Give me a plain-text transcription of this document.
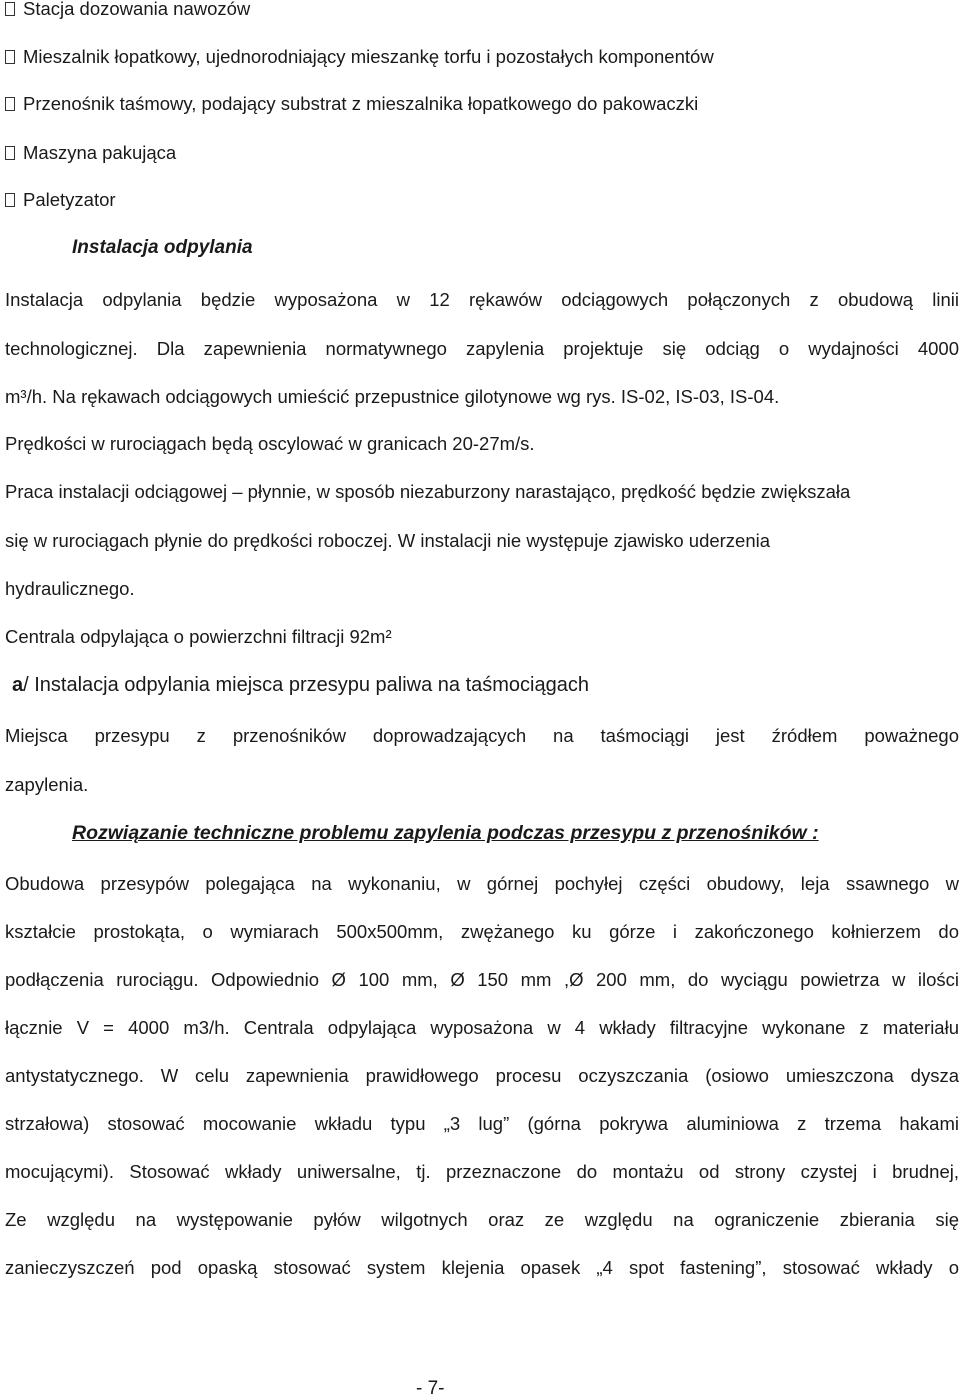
Stacja dozowania nawozów
Mieszalnik łopatkowy, ujednorodniający mieszankę torfu i pozostałych komponentów
Przenośnik taśmowy, podający substrat z mieszalnika łopatkowego do pakowaczki
Maszyna pakująca
Paletyzator
Instalacja odpylania
Instalacja odpylania będzie wyposażona w 12 rękawów odciągowych połączonych z obudową linii
technologicznej. Dla zapewnienia normatywnego zapylenia projektuje się odciąg o wydajności 4000
m³/h. Na rękawach odciągowych umieścić przepustnice gilotynowe wg rys. IS-02, IS-03, IS-04.
Prędkości w rurociągach będą oscylować w granicach 20-27m/s.
Praca instalacji odciągowej – płynnie, w sposób niezaburzony narastająco, prędkość będzie zwiększała
się w rurociągach płynie do prędkości roboczej. W instalacji nie występuje zjawisko uderzenia
hydraulicznego.
Centrala odpylająca o powierzchni filtracji 92m²
a/ Instalacja odpylania miejsca przesypu paliwa na taśmociągach
Miejsca przesypu z przenośników doprowadzających na taśmociągi jest źródłem poważnego
zapylenia.
Rozwiązanie techniczne problemu zapylenia podczas przesypu z przenośników :
Obudowa przesypów polegająca na wykonaniu, w górnej pochyłej części obudowy, leja ssawnego w
kształcie prostokąta, o wymiarach 500x500mm, zwężanego ku górze i zakończonego kołnierzem do
podłączenia rurociągu. Odpowiednio Ø 100 mm, Ø 150 mm ,Ø 200 mm, do wyciągu powietrza w ilości
łącznie V = 4000 m3/h. Centrala odpylająca wyposażona w 4 wkłady filtracyjne wykonane z materiału
antystatycznego. W celu zapewnienia prawidłowego procesu oczyszczania (osiowo umieszczona dysza
strzałowa) stosować mocowanie wkładu typu „3 lug” (górna pokrywa aluminiowa z trzema hakami
mocującymi). Stosować wkłady uniwersalne, tj. przeznaczone do montażu od strony czystej i brudnej,
Ze względu na występowanie pyłów wilgotnych oraz ze względu na ograniczenie zbierania się
zanieczyszczeń pod opaską stosować system klejenia opasek „4 spot fastening”, stosować wkłady o
- 7-
